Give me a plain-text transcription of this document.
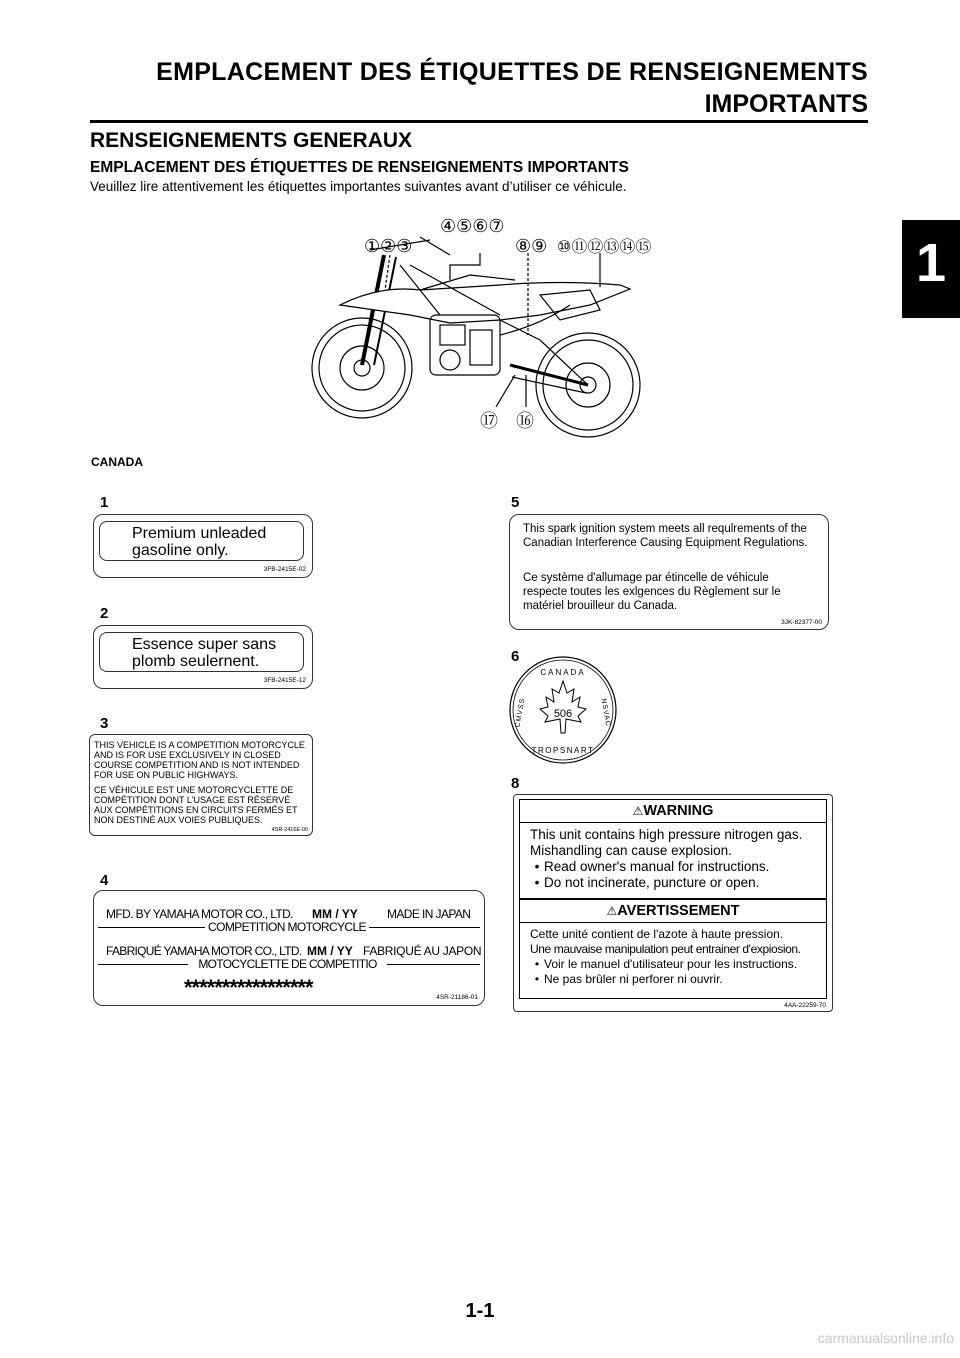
EMPLACEMENT DES ÉTIQUETTES DE RENSEIGNEMENTS
IMPORTANTS
1
RENSEIGNEMENTS GENERAUX
EMPLACEMENT DES ÉTIQUETTES DE RENSEIGNEMENTS IMPORTANTS
Veuillez lire attentivement les étiquettes importantes suivantes avant d’utiliser ce véhicule.
①②③
④⑤⑥⑦
⑧⑨ ⑩⑪⑫⑬⑭⑮
⑰ ⑯
CANADA
1
Premium unleaded
gasoline only.
3FB-2415E-02
2
Essence super sans
plomb seulernent.
3FB-2415E-12
3
THIS VEHICLE IS A COMPETITION MOTORCYCLE AND IS FOR USE EXCLUSIVELY IN CLOSED COURSE COMPETITION AND IS NOT INTENDED FOR USE ON PUBLIC HIGHWAYS.
CE VÉHICULE EST UNE MOTORCYCLETTE DE COMPÉTITION DONT L'USAGE EST RÉSERVÉ AUX COMPÉTITIONS EN CIRCUITS FERMÉS ET NON DESTINÉ AUX VOIES PUBLIQUES.
4SR-2416E-00
4
MFD. BY YAMAHA MOTOR CO., LTD. MM / YY MADE IN JAPAN
COMPETITION MOTORCYCLE
FABRIQUÉ YAMAHA MOTOR CO., LTD. MM / YY FABRIQUÉ AU JAPON
MOTOCYCLETTE DE COMPETITIO
*****************	4SR-21186-01
5
This spark ignition system meets all requlrements of the Canadian Interference Causing Equipment Regulations.
Ce système d'allumage par étincelle de véhicule respecte toutes les exlgences du Règlement sur le matériel brouilleur du Canada.
3JK-82377-00
6
506
CANADA
TROPSNART
CMVSS	NSVAC
8
⚠WARNING
This unit contains high pressure nitrogen gas.
Mishandling can cause explosion.
• Read owner's manual for instructions.
• Do not incinerate, puncture or open.
⚠AVERTISSEMENT
Cette unité contient de l'azote à haute pression.
Une mauvaise manipulation peut entrainer d'expiosion.
• Voir le manuel d'utilisateur pour les instructions.
• Ne pas brûler ni perforer ni ouvrir.
4AA-22259-70
1-1
carmanualsonline.info
